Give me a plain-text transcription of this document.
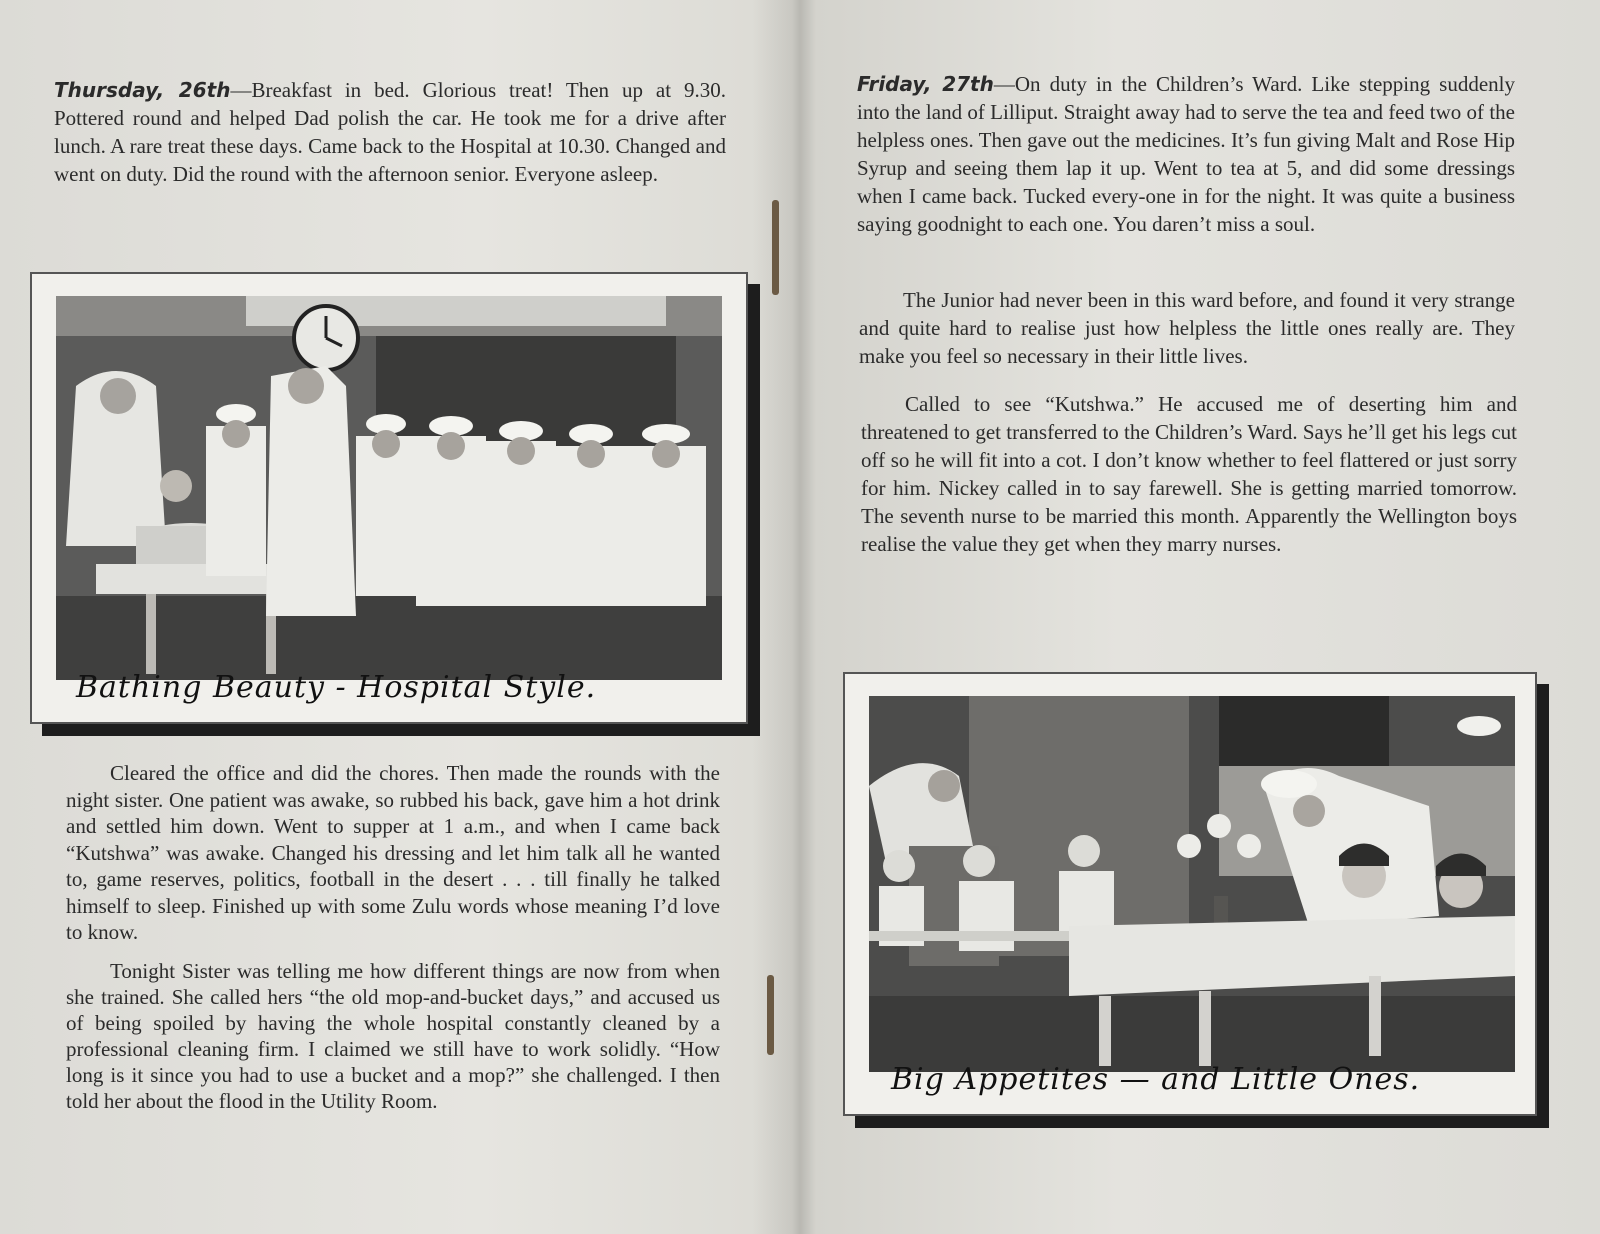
Thursday, 26th—Breakfast in bed. Glorious treat! Then up at 9.30. Pottered round and helped Dad polish the car. He took me for a drive after lunch. A rare treat these days. Came back to the Hospital at 10.30. Changed and went on duty. Did the round with the afternoon senior. Everyone asleep.

Bathing Beauty - Hospital Style.

Cleared the office and did the chores. Then made the rounds with the night sister. One patient was awake, so rubbed his back, gave him a hot drink and settled him down. Went to supper at 1 a.m., and when I came back “Kutshwa” was awake. Changed his dressing and let him talk all he wanted to, game reserves, politics, football in the desert . . . till finally he talked himself to sleep. Finished up with some Zulu words whose meaning I’d love to know.

Tonight Sister was telling me how different things are now from when she trained. She called hers “the old mop-and-bucket days,” and accused us of being spoiled by having the whole hospital constantly cleaned by a professional cleaning firm. I claimed we still have to work solidly. “How long is it since you had to use a bucket and a mop?” she challenged. I then told her about the flood in the Utility Room.

Friday, 27th—On duty in the Children’s Ward. Like stepping suddenly into the land of Lilliput. Straight away had to serve the tea and feed two of the helpless ones. Then gave out the medicines. It’s fun giving Malt and Rose Hip Syrup and seeing them lap it up. Went to tea at 5, and did some dressings when I came back. Tucked every-one in for the night. It was quite a business saying goodnight to each one. You daren’t miss a soul.

The Junior had never been in this ward before, and found it very strange and quite hard to realise just how helpless the little ones really are. They make you feel so necessary in their little lives.

Called to see “Kutshwa.” He accused me of deserting him and threatened to get transferred to the Children’s Ward. Says he’ll get his legs cut off so he will fit into a cot. I don’t know whether to feel flattered or just sorry for him. Nickey called in to say farewell. She is getting married tomorrow. The seventh nurse to be married this month. Apparently the Wellington boys realise the value they get when they marry nurses.

Big Appetites — and Little Ones.
